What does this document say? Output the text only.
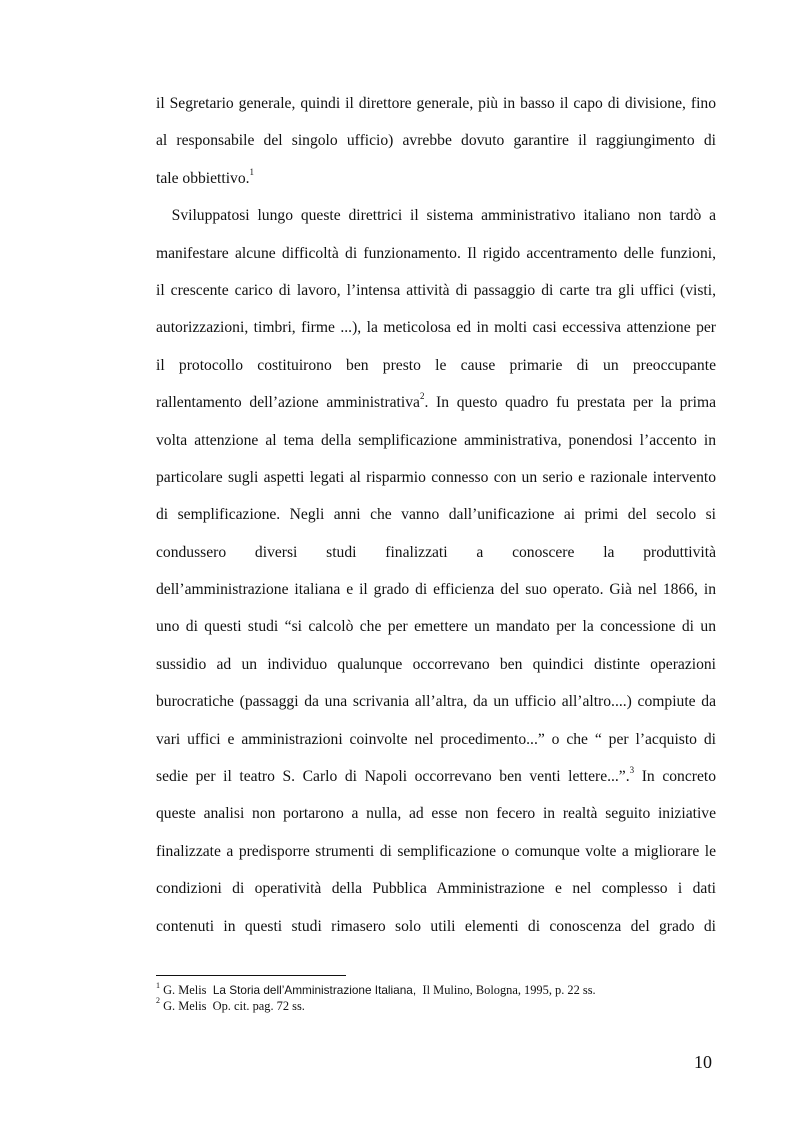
il Segretario generale, quindi il direttore generale, più in basso il capo di divisione, fino
al responsabile del singolo ufficio) avrebbe dovuto garantire il raggiungimento di
tale obbiettivo.$^1$
Sviluppatosi lungo queste direttrici il sistema amministrativo italiano non tardò a
manifestare alcune difficoltà di funzionamento. Il rigido accentramento delle funzioni,
il crescente carico di lavoro, l’intensa attività di passaggio di carte tra gli uffici (visti,
autorizzazioni, timbri, firme ...), la meticolosa ed in molti casi eccessiva attenzione per
il protocollo costituirono ben presto le cause primarie di un preoccupante
rallentamento dell’azione amministrativa$^2$. In questo quadro fu prestata per la prima
volta attenzione al tema della semplificazione amministrativa, ponendosi l’accento in
particolare sugli aspetti legati al risparmio connesso con un serio e razionale intervento
di semplificazione. Negli anni che vanno dall’unificazione ai primi del secolo si
condussero diversi studi finalizzati a conoscere la produttività
dell’amministrazione italiana e il grado di efficienza del suo operato. Già nel 1866, in
uno di questi studi “si calcolò che per emettere un mandato per la concessione di un
sussidio ad un individuo qualunque occorrevano ben quindici distinte operazioni
burocratiche (passaggi da una scrivania all’altra, da un ufficio all’altro....) compiute da
vari uffici e amministrazioni coinvolte nel procedimento...” o che “ per l’acquisto di
sedie per il teatro S. Carlo di Napoli occorrevano ben venti lettere...”.$^3$ In concreto
queste analisi non portarono a nulla, ad esse non fecero in realtà seguito iniziative
finalizzate a predisporre strumenti di semplificazione o comunque volte a migliorare le
condizioni di operatività della Pubblica Amministrazione e nel complesso i dati
contenuti in questi studi rimasero solo utili elementi di conoscenza del grado di
$^1$ G. Melis  La Storia dell’Amministrazione Italiana,  Il Mulino, Bologna, 1995, p. 22 ss.
$^2$ G. Melis  Op. cit. pag. 72 ss.
10
